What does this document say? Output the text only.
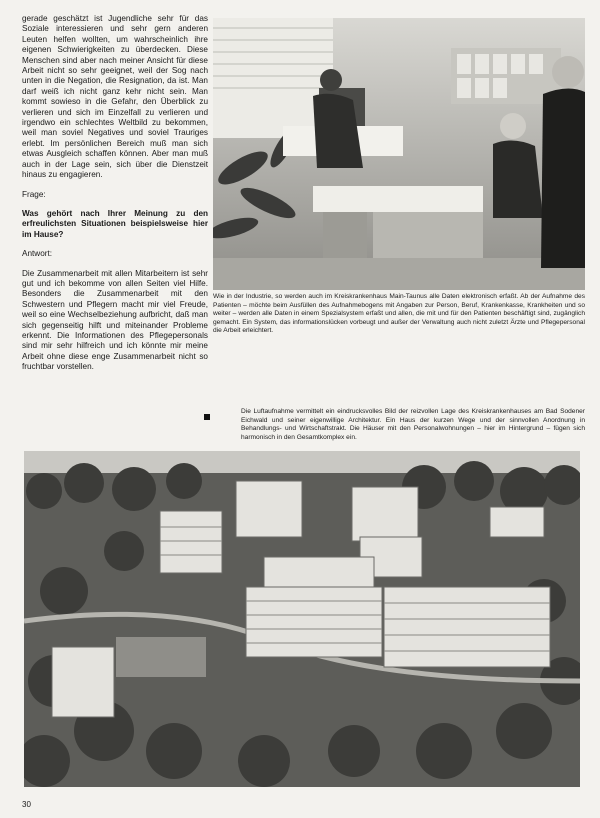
gerade geschätzt ist Jugendliche sehr für das Soziale interessieren und sehr gern anderen Leuten helfen wollten, um wahrscheinlich ihre eigenen Schwierigkeiten zu überdecken. Diese Menschen sind aber nach meiner Ansicht für diese Arbeit nicht so sehr geeignet, weil der Sog nach unten in die Negation, die Resignation, da ist. Man darf weiß ich nicht ganz kehr nicht sein. Man kommt sowieso in die Gefahr, den Überblick zu verlieren und sich im Einzelfall zu verlieren und irgendwo ein schlechtes Weltbild zu bekommen, weil man soviel Negatives und soviel Trauriges erlebt. Im persönlichen Bereich muß man sich etwas Ausgleich schaffen können. Aber man muß auch in der Lage sein, sich über die Dienstzeit hinaus zu engagieren.

Frage:

Was gehört nach Ihrer Meinung zu den erfreulichsten Situationen beispielsweise hier im Hause?

Antwort:

Die Zusammenarbeit mit allen Mitarbeitern ist sehr gut und ich bekomme von allen Seiten viel Hilfe. Besonders die Zusammenarbeit mit den Schwestern und Pflegern macht mir viel Freude, weil so eine Wechselbeziehung aufbricht, daß man sich gegenseitig hilft und miteinander Probleme erkennt. Die Informationen des Pflegepersonals sind mir sehr hilfreich und ich könnte mir meine Arbeit ohne diese enge Zusammenarbeit nicht so fruchtbar vorstellen.

Wie in der Industrie, so werden auch im Kreiskrankenhaus Main-Taunus alle Daten elektronisch erfaßt. Ab der Aufnahme des Patienten – möchte beim Ausfüllen des Aufnahmebogens mit Angaben zur Person, Beruf, Krankenkasse, Krankheiten und so weiter – werden alle Daten in einem Spezialsystem erfaßt und allen, die mit und für den Patienten beschäftigt sind, zugänglich gemacht. Ein System, das informationslücken vorbeugt und außer der Verwaltung auch nicht zuletzt Ärzte und Pflegepersonal die Arbeit erleichtert.
Die Luftaufnahme vermittelt ein eindrucksvolles Bild der reizvollen Lage des Kreiskrankenhauses am Bad Sodener Eichwald und seiner eigenwillige Architektur. Ein Haus der kurzen Wege und der sinnvollen Anordnung in Behandlungs- und Wirtschaftstrakt. Die Häuser mit den Personalwohnungen – hier im Hintergrund – fügen sich harmonisch in den Gesamtkomplex ein.
30
